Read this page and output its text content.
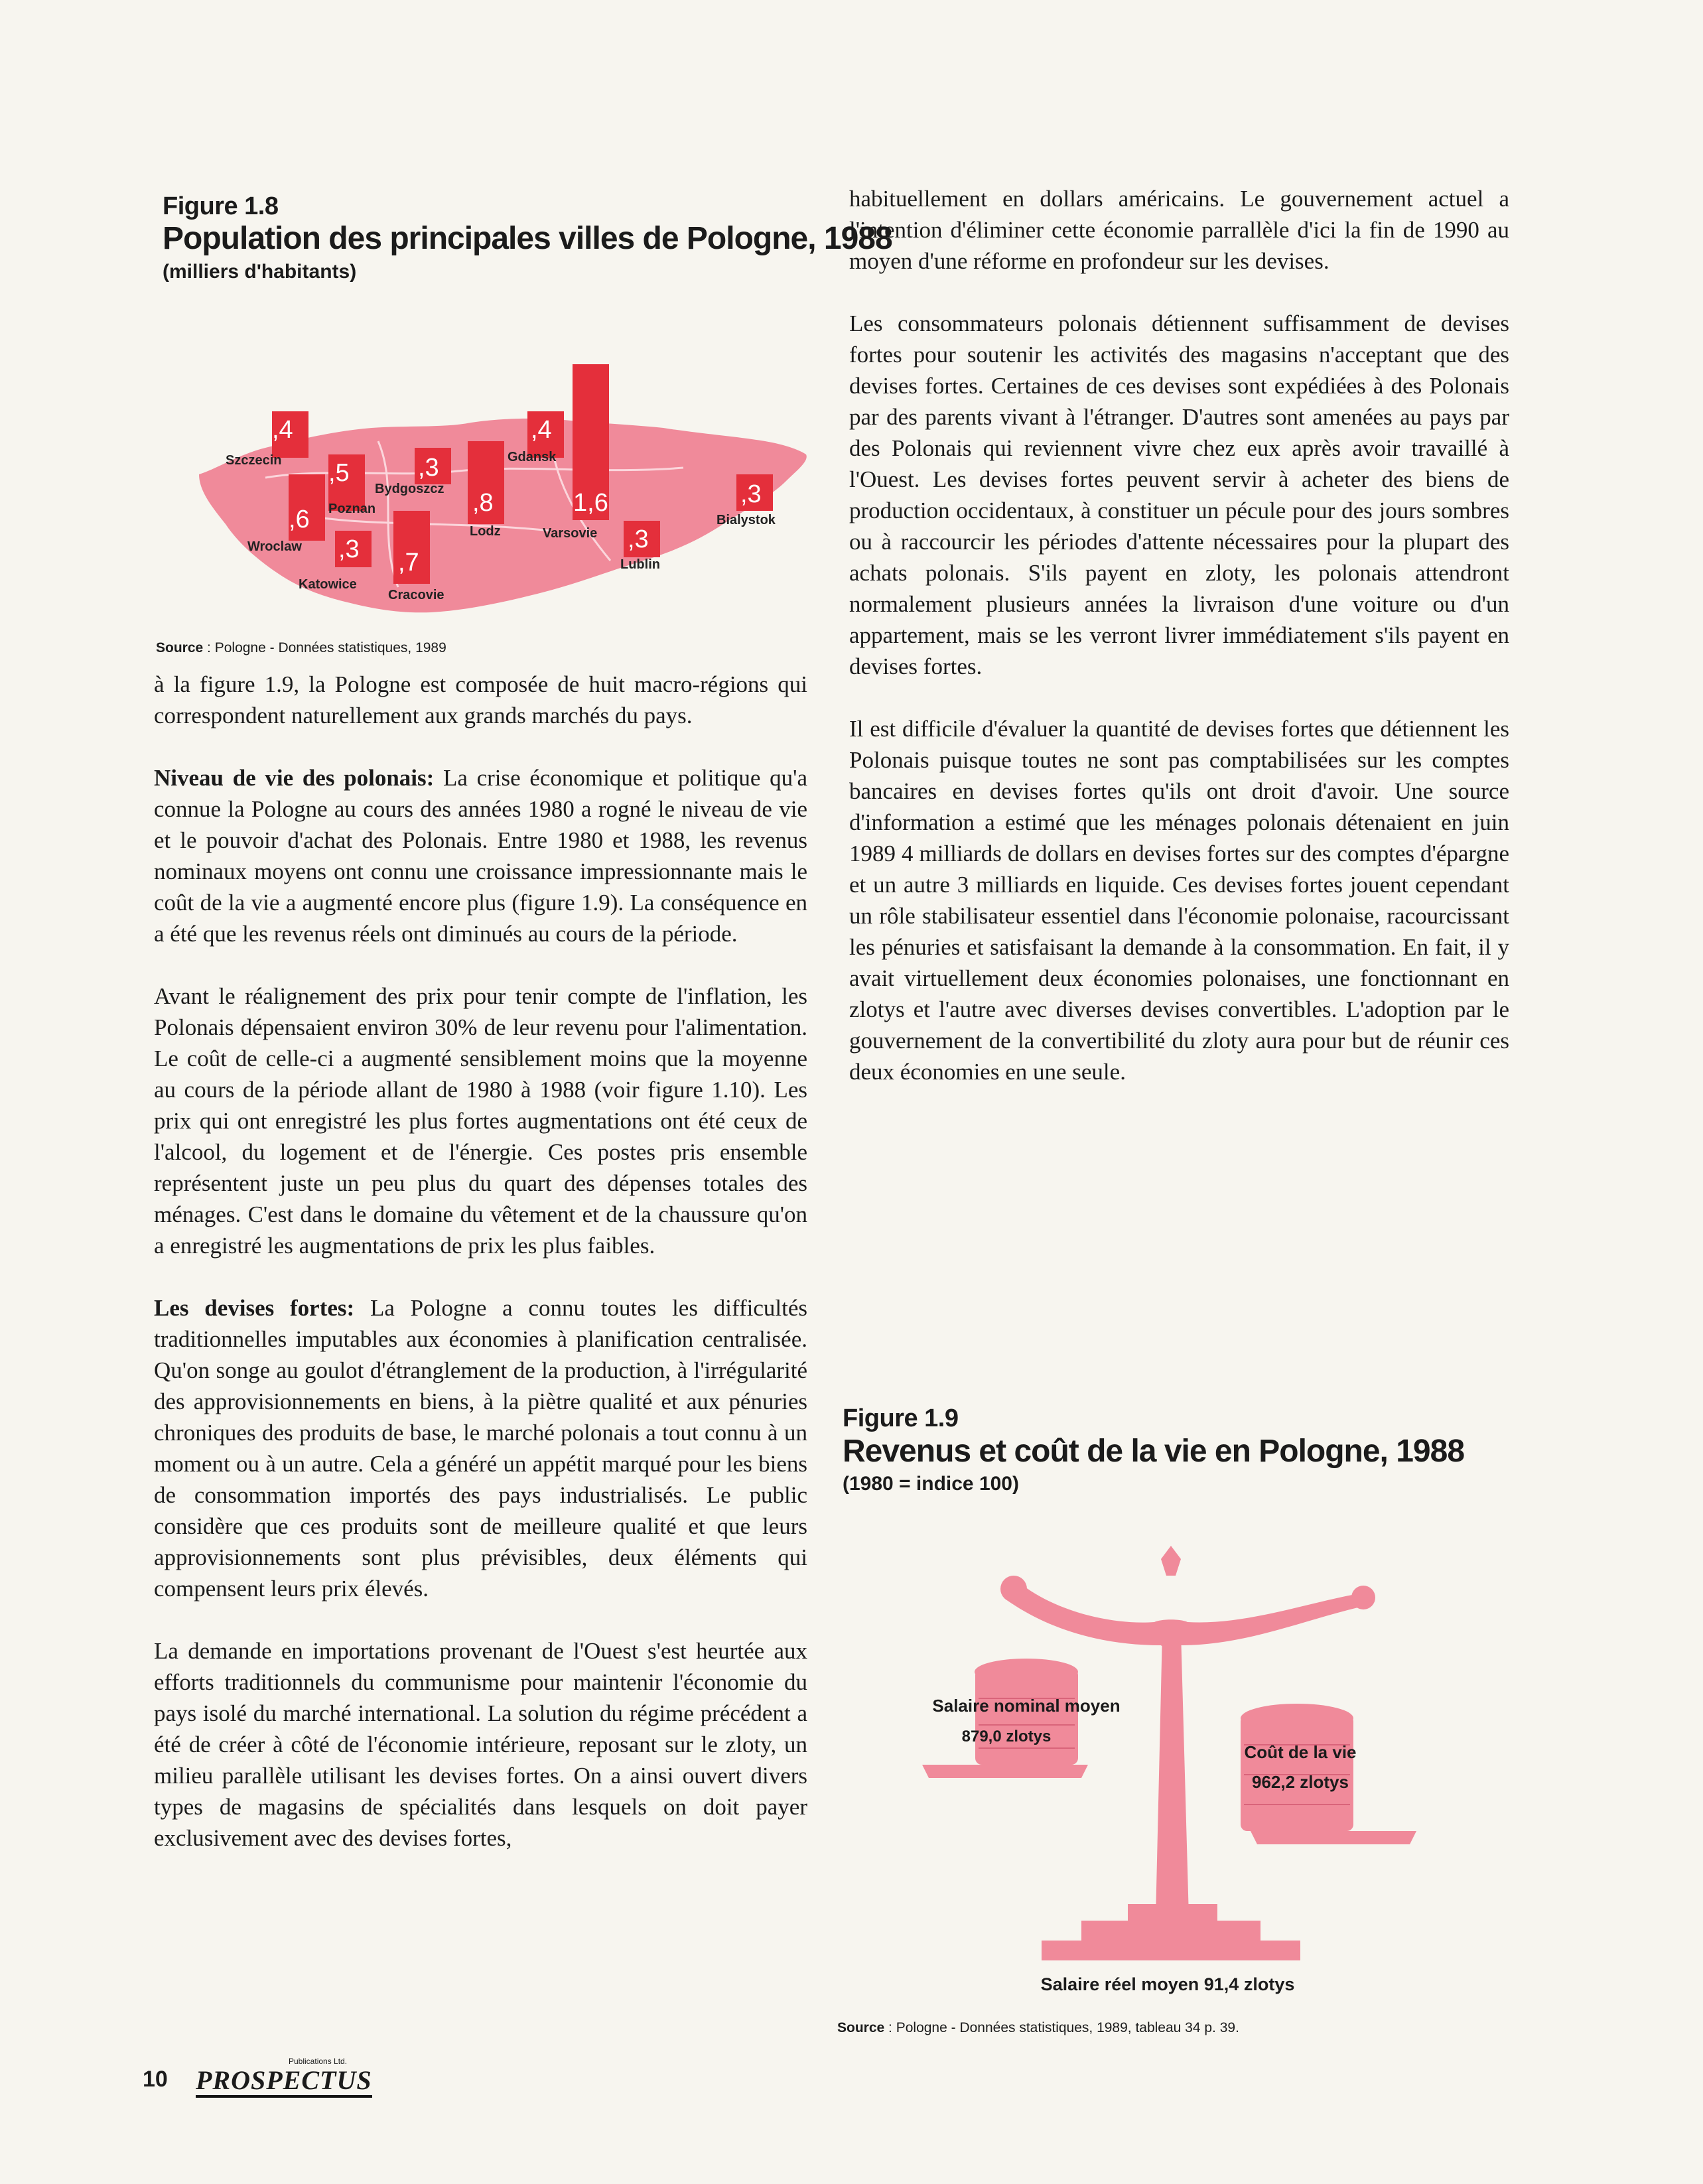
Figure 1.8
Population des principales villes de Pologne, 1988
(milliers d'habitants)
,4
,6
,5	,3
,3 ,7
,8
,4
1,6
,3
,3
Szczecin
Wroclaw
Poznan
Bydgoszcz
Katowice
Cracovie
Lodz
Gdansk
Varsovie
Lublin
Bialystok
Source : Pologne - Données statistiques, 1989

à la figure 1.9, la Pologne est composée de huit macro-régions qui correspondent naturellement aux grands marchés du pays.

Niveau de vie des polonais: La crise économique et politique qu'a connue la Pologne au cours des années 1980 a rogné le niveau de vie et le pouvoir d'achat des Polonais. Entre 1980 et 1988, les revenus nominaux moyens ont connu une croissance impressionnante mais le coût de la vie a augmenté encore plus (figure 1.9). La conséquence en a été que les revenus réels ont diminués au cours de la période.

Avant le réalignement des prix pour tenir compte de l'inflation, les Polonais dépensaient environ 30% de leur revenu pour l'alimentation. Le coût de celle-ci a augmenté sensiblement moins que la moyenne au cours de la période allant de 1980 à 1988 (voir figure 1.10). Les prix qui ont enregistré les plus fortes augmentations ont été ceux de l'alcool, du logement et de l'énergie. Ces postes pris ensemble représentent juste un peu plus du quart des dépenses totales des ménages. C'est dans le domaine du vêtement et de la chaussure qu'on a enregistré les augmentations de prix les plus faibles.

Les devises fortes: La Pologne a connu toutes les difficultés traditionnelles imputables aux économies à planification centralisée. Qu'on songe au goulot d'étranglement de la production, à l'irrégularité des approvisionnements en biens, à la piètre qualité et aux pénuries chroniques des produits de base, le marché polonais a tout connu à un moment ou à un autre. Cela a généré un appétit marqué pour les biens de consommation importés des pays industrialisés. Le public considère que ces produits sont de meilleure qualité et que leurs approvisionnements sont plus prévisibles, deux éléments qui compensent leurs prix élevés.

La demande en importations provenant de l'Ouest s'est heurtée aux efforts traditionnels du communisme pour maintenir l'économie du pays isolé du marché international. La solution du régime précédent a été de créer à côté de l'économie intérieure, reposant sur le zloty, un milieu parallèle utilisant les devises fortes. On a ainsi ouvert divers types de magasins de spécialités dans lesquels on doit payer exclusivement avec des devises fortes,

habituellement en dollars américains. Le gouvernement actuel a l'intention d'éliminer cette économie parrallèle d'ici la fin de 1990 au moyen d'une réforme en profondeur sur les devises.

Les consommateurs polonais détiennent suffisamment de devises fortes pour soutenir les activités des magasins n'acceptant que des devises fortes. Certaines de ces devises sont expédiées à des Polonais par des parents vivant à l'étranger. D'autres sont amenées au pays par des Polonais qui reviennent vivre chez eux après avoir travaillé à l'Ouest. Les devises fortes peuvent servir à acheter des biens de production occidentaux, à constituer un pécule pour des jours sombres ou à raccourcir les périodes d'attente nécessaires pour la plupart des achats polonais. S'ils payent en zloty, les polonais attendront normalement plusieurs années la livraison d'une voiture ou d'un appartement, mais se les verront livrer immédiatement s'ils payent en devises fortes.

Il est difficile d'évaluer la quantité de devises fortes que détiennent les Polonais puisque toutes ne sont pas comptabilisées sur les comptes bancaires en devises fortes qu'ils ont droit d'avoir. Une source d'information a estimé que les ménages polonais détenaient en juin 1989 4 milliards de dollars en devises fortes sur des comptes d'épargne et un autre 3 milliards en liquide. Ces devises fortes jouent cependant un rôle stabilisateur essentiel dans l'économie polonaise, racourcissant les pénuries et satisfaisant la demande à la consommation. En fait, il y avait virtuellement deux économies polonaises, une fonctionnant en zlotys et l'autre avec diverses devises convertibles. L'adoption par le gouvernement de la convertibilité du zloty aura pour but de réunir ces deux économies en une seule.

Figure 1.9
Revenus et coût de la vie en Pologne, 1988
(1980 = indice 100)
Salaire nominal moyen
879,0 zlotys
Coût de la vie
962,2 zlotys
Salaire réel moyen 91,4 zlotys
Source : Pologne - Données statistiques, 1989, tableau 34 p. 39.
10
Publications Ltd.
PROSPECTUS
